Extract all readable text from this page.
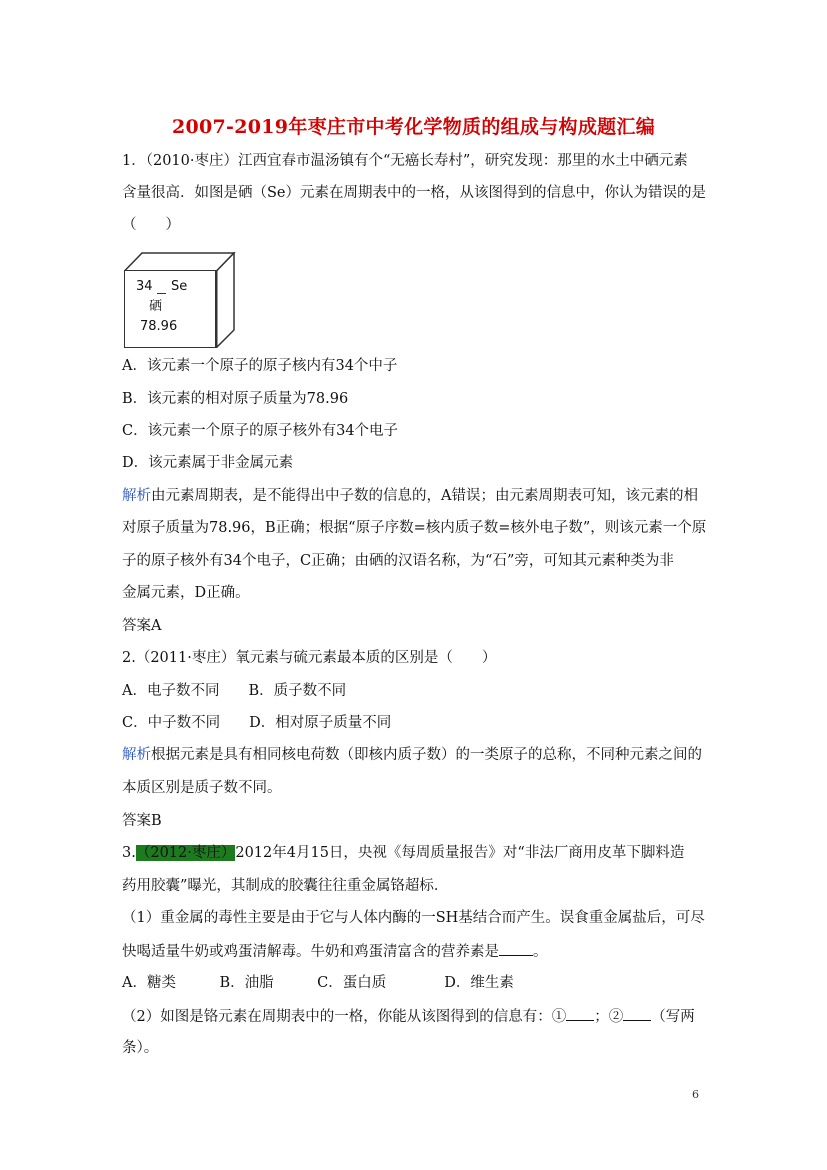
2007-2019年枣庄市中考化学物质的组成与构成题汇编
1．（2010·枣庄）江西宜春市温汤镇有个“无癌长寿村”，研究发现：那里的水土中硒元素
含量很高．如图是硒（Se）元素在周期表中的一格，从该图得到的信息中，你认为错误的是
（　　）
34 Se
硒
78.96
A．该元素一个原子的原子核内有34个中子
B．该元素的相对原子质量为78.96
C．该元素一个原子的原子核外有34个电子
D．该元素属于非金属元素
解析由元素周期表，是不能得出中子数的信息的，A错误；由元素周期表可知，该元素的相
对原子质量为78.96，B正确；根据“原子序数=核内质子数=核外电子数”，则该元素一个原
子的原子核外有34个电子，C正确；由硒的汉语名称，为“石”旁，可知其元素种类为非
金属元素，D正确。
答案A
2.（2011·枣庄）氧元素与硫元素最本质的区别是（　　）
A．电子数不同　　B．质子数不同
C．中子数不同　　D．相对原子质量不同
解析根据元素是具有相同核电荷数（即核内质子数）的一类原子的总称，不同种元素之间的
本质区别是质子数不同。
答案B
3.（2012·枣庄）2012年4月15日，央视《每周质量报告》对“非法厂商用皮革下脚料造
药用胶囊”曝光，其制成的胶囊往往重金属铬超标．
（1）重金属的毒性主要是由于它与人体内酶的一SH基结合而产生。误食重金属盐后，可尽
快喝适量牛奶或鸡蛋清解毒。牛奶和鸡蛋清富含的营养素是 。
A．糖类　　　B．油脂　　　C．蛋白质　　　　D．维生素
（2）如图是铬元素在周期表中的一格，你能从该图得到的信息有：① ；② （写两
条）。
6
